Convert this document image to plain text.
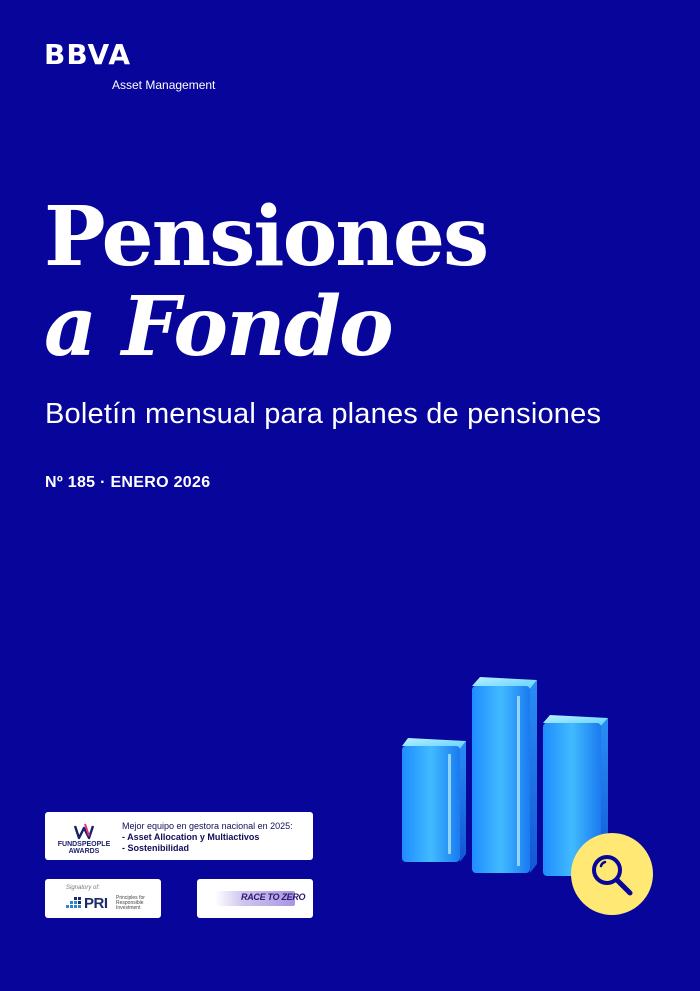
BBVA
Asset Management
Pensiones
a Fondo
Boletín mensual para planes de pensiones
Nº 185 · ENERO 2026
FUNDSPEOPLE
AWARDS
Mejor equipo en gestora nacional en 2025:
- Asset Allocation y Multiactivos
- Sostenibilidad
Signatory of:
PRI Principles for Responsible Investment
RACE TO ZERO
